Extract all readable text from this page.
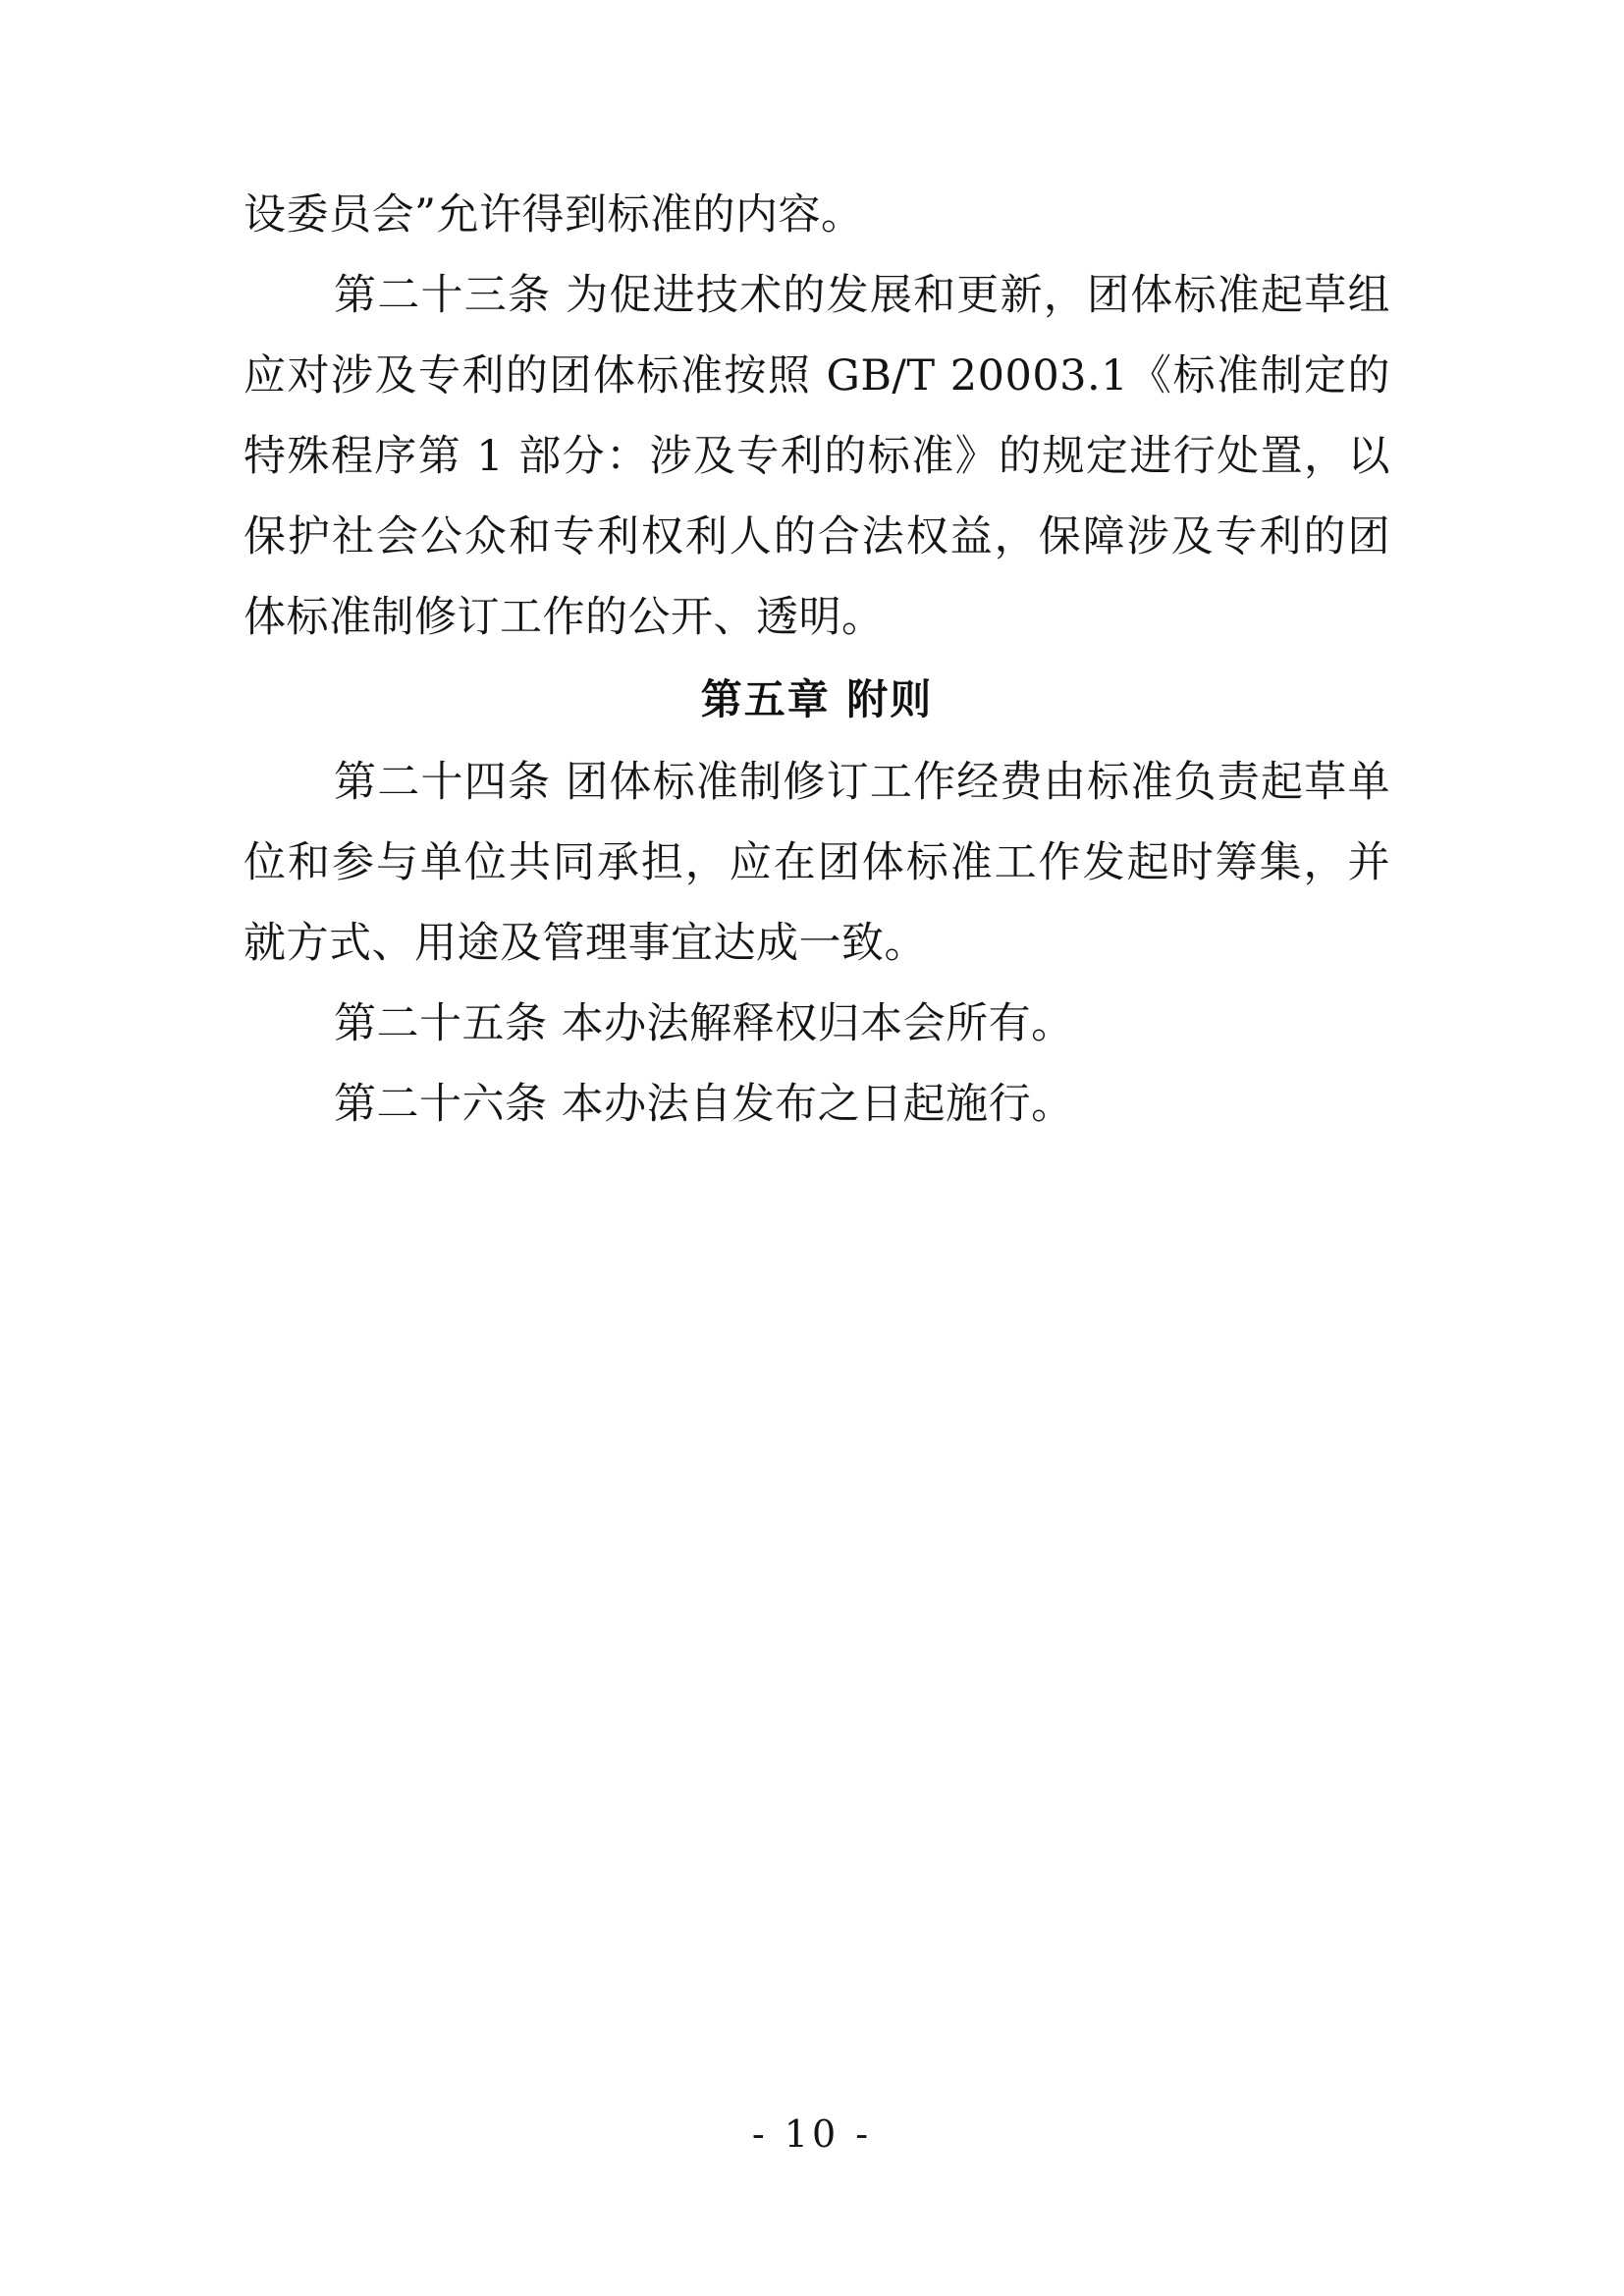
设委员会”允许得到标准的内容。

第二十三条 为促进技术的发展和更新，团体标准起草组应对涉及专利的团体标准按照 GB/T 20003.1《标准制定的特殊程序第 1 部分：涉及专利的标准》的规定进行处置，以保护社会公众和专利权利人的合法权益，保障涉及专利的团体标准制修订工作的公开、透明。

第五章 附则

第二十四条 团体标准制修订工作经费由标准负责起草单位和参与单位共同承担，应在团体标准工作发起时筹集，并就方式、用途及管理事宜达成一致。

第二十五条 本办法解释权归本会所有。

第二十六条 本办法自发布之日起施行。

- 10 -
